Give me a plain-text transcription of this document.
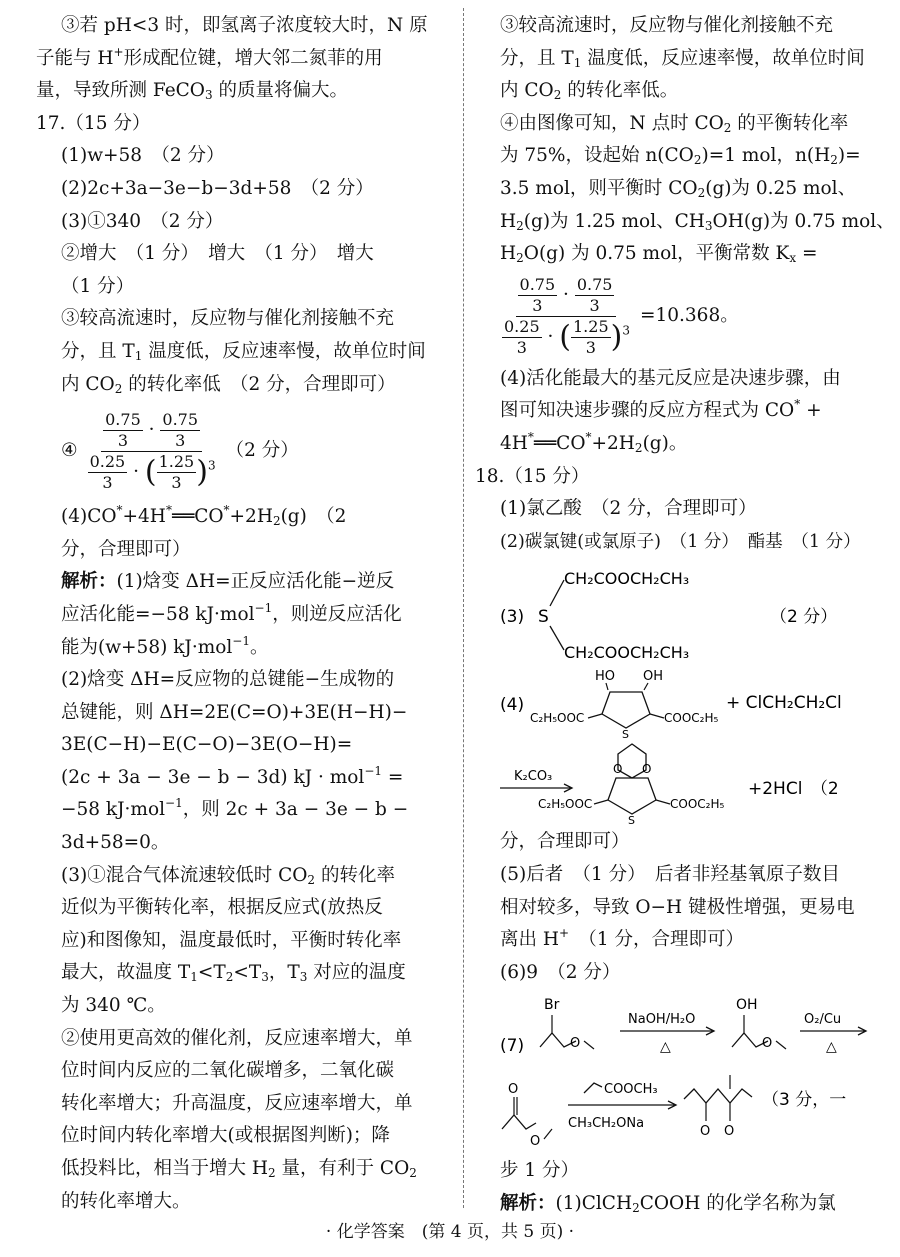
③若 pH<3 时，即氢离子浓度较大时，N 原
子能与 H+形成配位键，增大邻二氮菲的用
量，导致所测 FeCO$_3$ 的质量将偏大。
17.（15 分）
(1)w+58　（2 分）
(2)2c+3a−3e−b−3d+58　（2 分）
(3)①340　（2 分）
②增大　（1 分）　增大　（1 分）　增大
（1 分）
③较高流速时，反应物与催化剂接触不充
分，且 $T_1$ 温度低，反应速率慢，故单位时间
内 $CO_2$ 的转化率低　（2 分，合理即可）
④ $\frac{\frac{0.75}{3} \cdot \frac{0.75}{3}}{\frac{0.25}{3} \cdot ( \frac{1.25}{3} )^3} (2$ 分）
$(4)CO^*+4H^*══CO^*+2H_2(g)$　（2
分，合理即可）
解析：(1)焓变 ΔH=正反应活化能−逆反
应活化能=−58 kJ·mol$^{-1}$，则逆反应活化
能为(w+58) kJ·mol$^{-1}$。
(2)焓变 ΔH=反应物的总键能−生成物的
总键能，则 ΔH=2E(C=O)+3E(H−H)−
3E(C−H)−E(C−O)−3E(O−H)=
(2c + 3a − 3e − b − 3d) kJ · mol$^{-1}$ =
−58 kJ·mol$^{-1}$，则 2c + 3a − 3e − b −
3d+58=0。
(3)①混合气体流速较低时 $CO_2$ 的转化率
近似为平衡转化率，根据反应式(放热反
应)和图像知，温度最低时，平衡时转化率
最大，故温度 $T_1<T_2<T_3$，$T_3$ 对应的温度
为 340 ℃。
②使用更高效的催化剂，反应速率增大，单
位时间内反应的二氧化碳增多，二氧化碳
转化率增大；升高温度，反应速率增大，单
位时间内转化率增大(或根据图判断)；降
低投料比，相当于增大 $H_2$ 量，有利于 $CO_2$
的转化率增大。
③较高流速时，反应物与催化剂接触不充
分，且 $T_1$ 温度低，反应速率慢，故单位时间
内 $CO_2$ 的转化率低。
④由图像可知，N 点时 $CO_2$ 的平衡转化率
为 75%，设起始 $n(CO_2)=1$ mol，$n(H_2)=$
3.5 mol，则平衡时 $CO_2(g)$为 0.25 mol、
$H_2(g)$为 1.25 mol、$CH_3OH(g)$为 0.75 mol、
$H_2O(g)$ 为 0.75 mol，平衡常数 $K_x$ =
$\frac{\frac{0.75}{3} \cdot \frac{0.75}{3}}{\frac{0.25}{3} \cdot ( \frac{1.25}{3} )^3} =10.368$。
(4)活化能最大的基元反应是决速步骤，由
图可知决速步骤的反应方程式为 CO* +
$4H^*══CO^*+2H_2(g)$。
18.（15 分）
(1)氯乙酸　（2 分，合理即可）
(2)碳氯键(或氯原子)　（1 分）　酯基　（1 分）
(3) S
CH₂COOCH₂CH₃
CH₂COOCH₂CH₃
（2 分）
(4)
HO OH
S
C₂H₅OOC	COOC₂H₅
+ ClCH₂CH₂Cl
K₂CO₃	O O
S
C₂H₅OOC	COOC₂H₅
+2HCl　（2
分，合理即可）
(5)后者　（1 分）　后者非羟基氧原子数目
相对较多，导致 O−H 键极性增强，更易电
离出 H+　（1 分，合理即可）
(6)9　（2 分）
(7)
Br
O
NaOH/H₂O
△
OH
O
O₂/Cu
△
O
O
COOCH₃
CH₃CH₂ONa
O O
（3 分，一
步 1 分）
解析：(1)ClCH$_2$COOH 的化学名称为氯
· 化学答案　(第 4 页，共 5 页) ·
